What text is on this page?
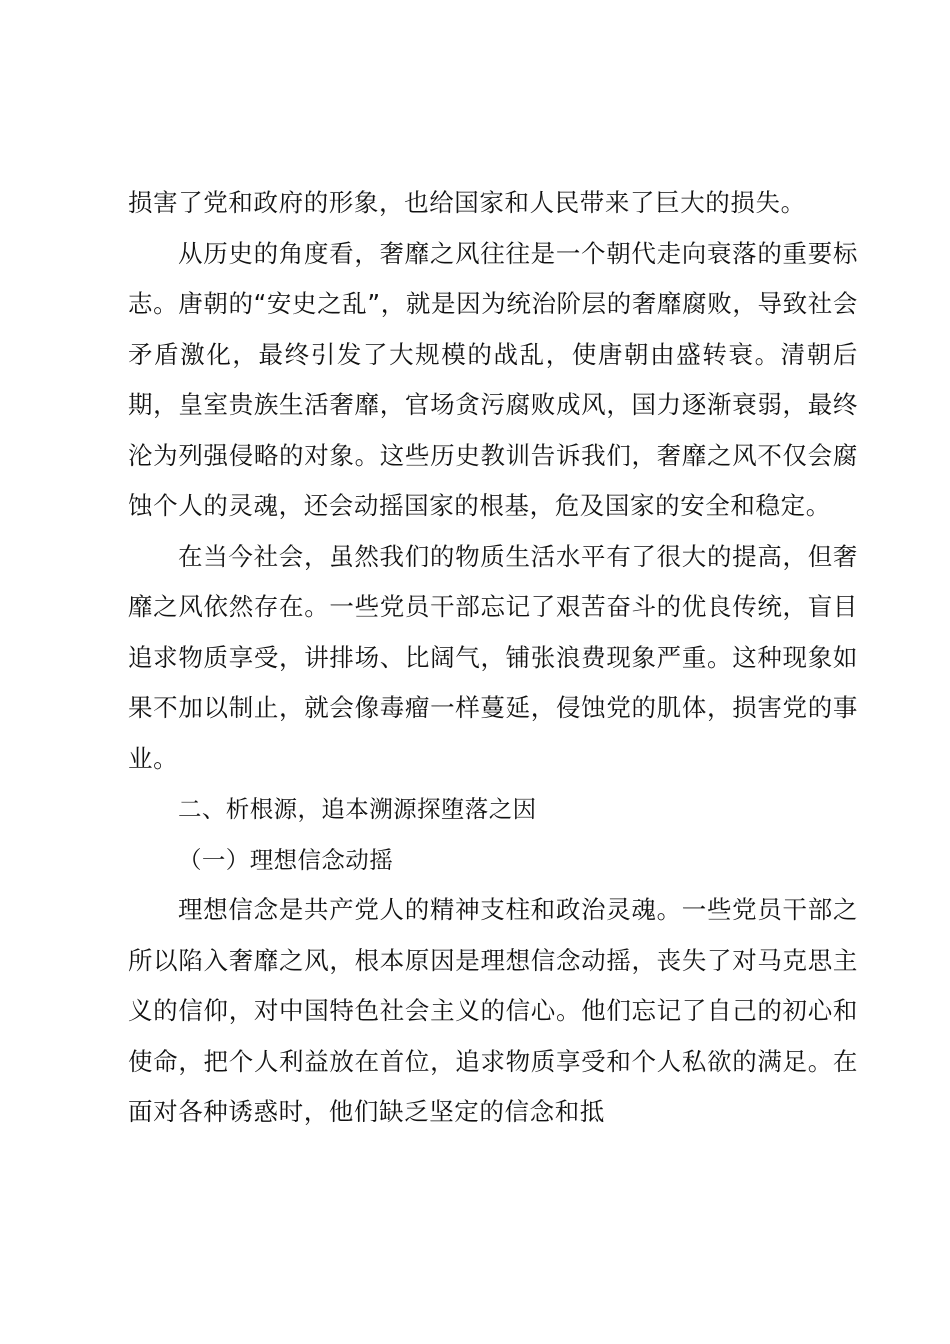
损害了党和政府的形象，也给国家和人民带来了巨大的损失。

从历史的角度看，奢靡之风往往是一个朝代走向衰落的重要标志。唐朝的“安史之乱”，就是因为统治阶层的奢靡腐败，导致社会矛盾激化，最终引发了大规模的战乱，使唐朝由盛转衰。清朝后期，皇室贵族生活奢靡，官场贪污腐败成风，国力逐渐衰弱，最终沦为列强侵略的对象。这些历史教训告诉我们，奢靡之风不仅会腐蚀个人的灵魂，还会动摇国家的根基，危及国家的安全和稳定。

在当今社会，虽然我们的物质生活水平有了很大的提高，但奢靡之风依然存在。一些党员干部忘记了艰苦奋斗的优良传统，盲目追求物质享受，讲排场、比阔气，铺张浪费现象严重。这种现象如果不加以制止，就会像毒瘤一样蔓延，侵蚀党的肌体，损害党的事业。

二、析根源，追本溯源探堕落之因

（一）理想信念动摇

理想信念是共产党人的精神支柱和政治灵魂。一些党员干部之所以陷入奢靡之风，根本原因是理想信念动摇，丧失了对马克思主义的信仰，对中国特色社会主义的信心。他们忘记了自己的初心和使命，把个人利益放在首位，追求物质享受和个人私欲的满足。在面对各种诱惑时，他们缺乏坚定的信念和抵
